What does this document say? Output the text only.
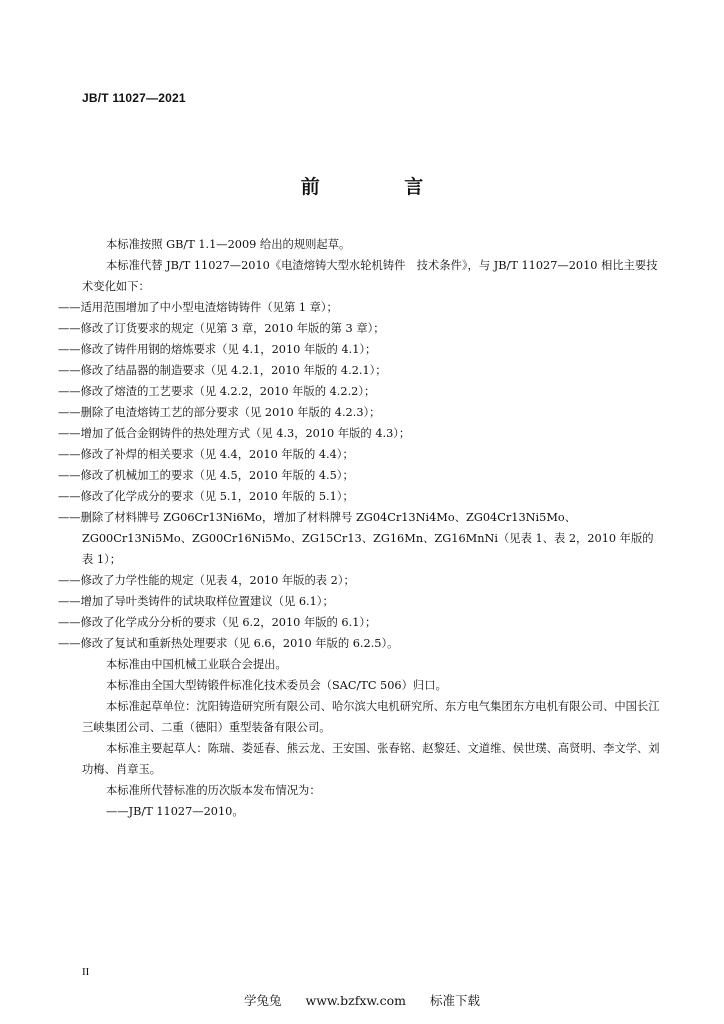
JB/T 11027—2021
前 言

本标准按照 GB/T 1.1—2009 给出的规则起草。

本标准代替 JB/T 11027—2010《电渣熔铸大型水轮机铸件　技术条件》，与 JB/T 11027—2010 相比主要技术变化如下：

——适用范围增加了中小型电渣熔铸铸件（见第 1 章）；

——修改了订货要求的规定（见第 3 章，2010 年版的第 3 章）；

——修改了铸件用钢的熔炼要求（见 4.1，2010 年版的 4.1）；

——修改了结晶器的制造要求（见 4.2.1，2010 年版的 4.2.1）；

——修改了熔渣的工艺要求（见 4.2.2，2010 年版的 4.2.2）；

——删除了电渣熔铸工艺的部分要求（见 2010 年版的 4.2.3）；

——增加了低合金钢铸件的热处理方式（见 4.3，2010 年版的 4.3）；

——修改了补焊的相关要求（见 4.4，2010 年版的 4.4）；

——修改了机械加工的要求（见 4.5，2010 年版的 4.5）；

——修改了化学成分的要求（见 5.1，2010 年版的 5.1）；

——删除了材料牌号 ZG06Cr13Ni6Mo，增加了材料牌号 ZG04Cr13Ni4Mo、ZG04Cr13Ni5Mo、ZG00Cr13Ni5Mo、ZG00Cr16Ni5Mo、ZG15Cr13、ZG16Mn、ZG16MnNi（见表 1、表 2，2010 年版的表 1）；

——修改了力学性能的规定（见表 4，2010 年版的表 2）；

——增加了导叶类铸件的试块取样位置建议（见 6.1）；

——修改了化学成分分析的要求（见 6.2，2010 年版的 6.1）；

——修改了复试和重新热处理要求（见 6.6，2010 年版的 6.2.5）。

本标准由中国机械工业联合会提出。

本标准由全国大型铸锻件标准化技术委员会（SAC/TC 506）归口。

本标准起草单位：沈阳铸造研究所有限公司、哈尔滨大电机研究所、东方电气集团东方电机有限公司、中国长江三峡集团公司、二重（德阳）重型装备有限公司。

本标准主要起草人：陈瑞、娄延春、熊云龙、王安国、张春铭、赵黎廷、文道维、侯世璞、高贤明、李文学、刘功梅、肖章玉。

本标准所代替标准的历次版本发布情况为：

——JB/T 11027—2010。

II
学兔兔 www.bzfxw.com 标准下载
